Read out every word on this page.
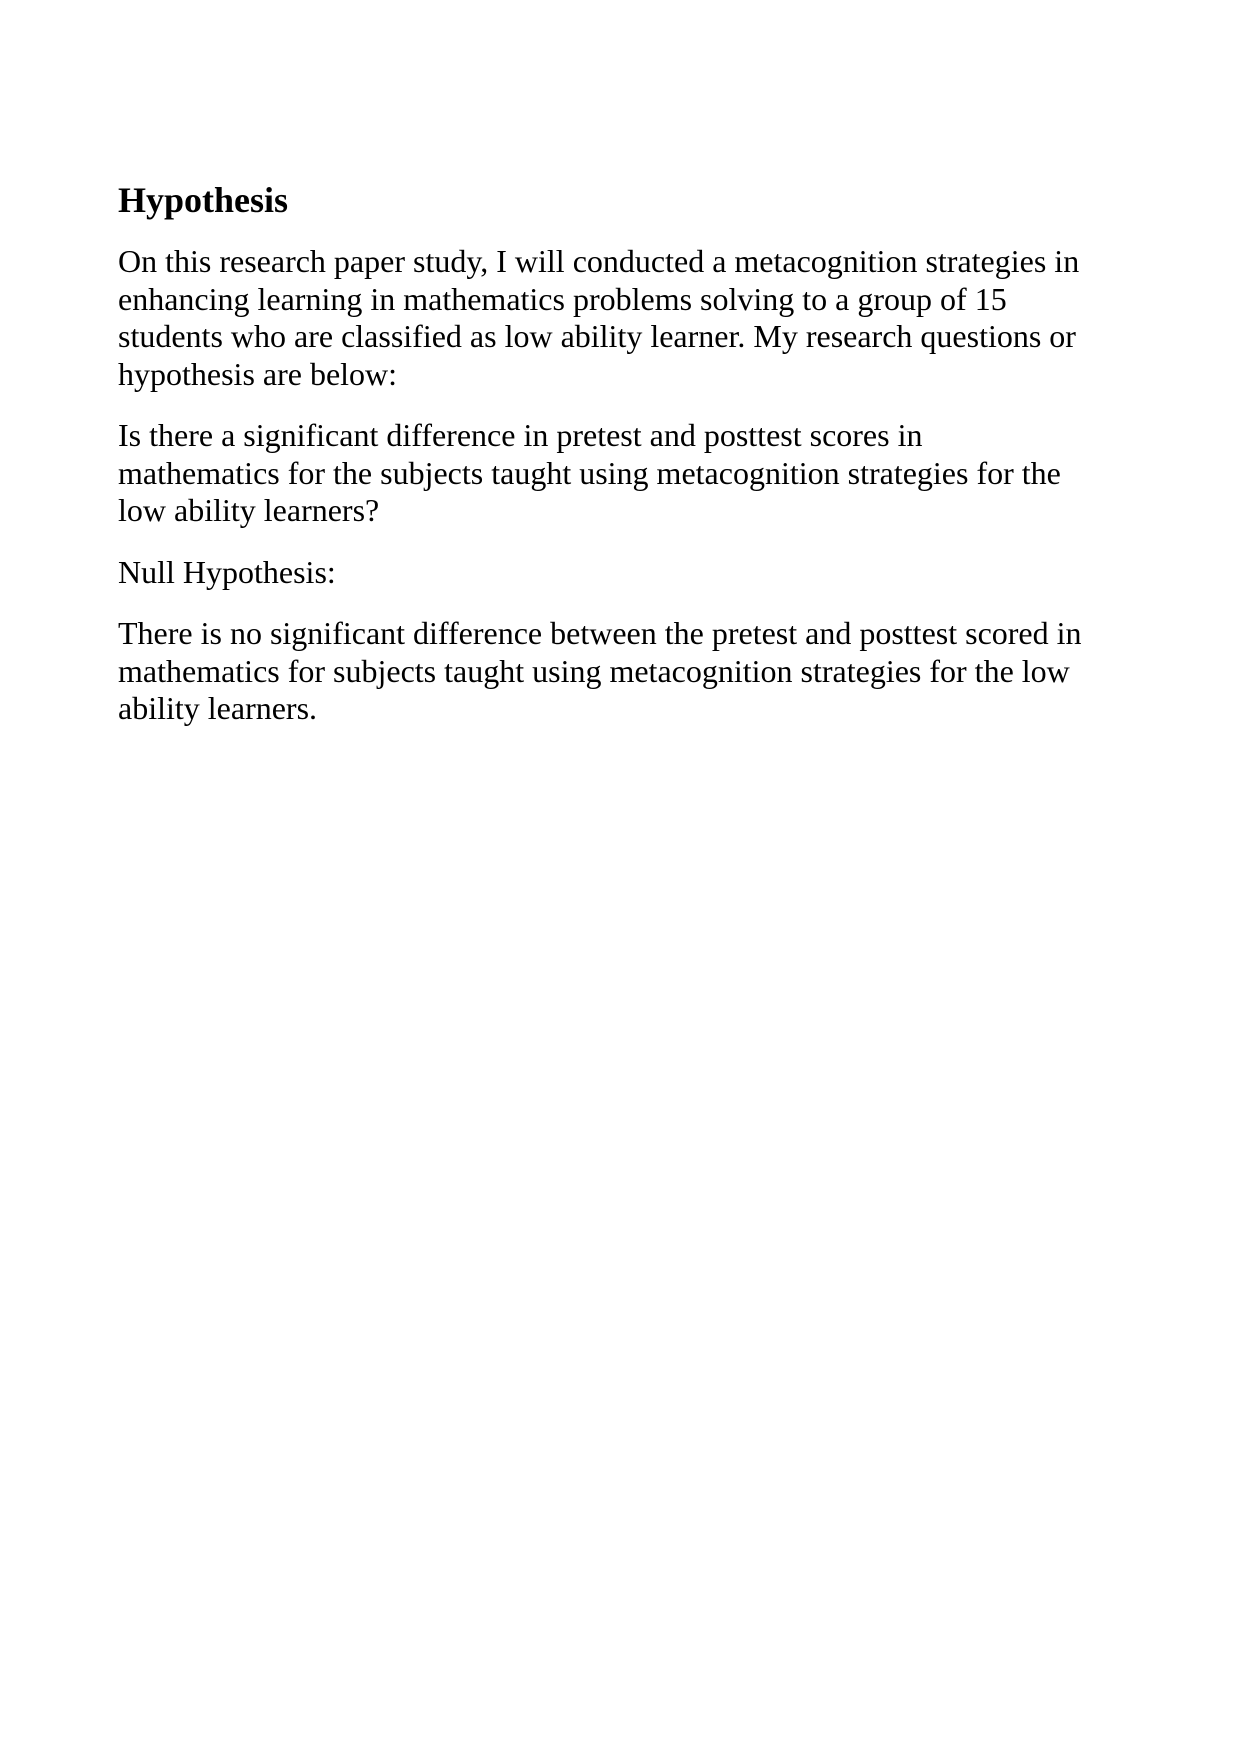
Hypothesis

On this research paper study, I will conducted a metacognition strategies in
enhancing learning in mathematics problems solving to a group of 15
students who are classified as low ability learner. My research questions or
hypothesis are below:

Is there a significant difference in pretest and posttest scores in
mathematics for the subjects taught using metacognition strategies for the
low ability learners?

Null Hypothesis:

There is no significant difference between the pretest and posttest scored in
mathematics for subjects taught using metacognition strategies for the low
ability learners.
